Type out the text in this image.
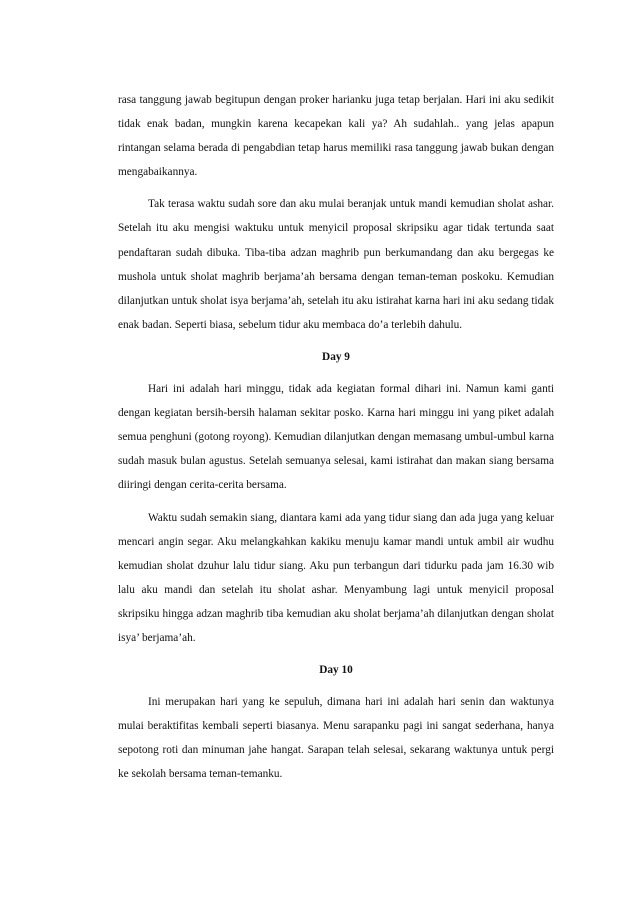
rasa tanggung jawab begitupun dengan proker harianku juga tetap berjalan. Hari ini aku sedikit tidak enak badan, mungkin karena kecapekan kali ya? Ah sudahlah.. yang jelas apapun rintangan selama berada di pengabdian tetap harus memiliki rasa tanggung jawab bukan dengan mengabaikannya.

Tak terasa waktu sudah sore dan aku mulai beranjak untuk mandi kemudian sholat ashar. Setelah itu aku mengisi waktuku untuk menyicil proposal skripsiku agar tidak tertunda saat pendaftaran sudah dibuka. Tiba-tiba adzan maghrib pun berkumandang dan aku bergegas ke mushola untuk sholat maghrib berjama’ah bersama dengan teman-teman poskoku. Kemudian dilanjutkan untuk sholat isya berjama’ah, setelah itu aku istirahat karna hari ini aku sedang tidak enak badan. Seperti biasa, sebelum tidur aku membaca do’a terlebih dahulu.

Day 9

Hari ini adalah hari minggu, tidak ada kegiatan formal dihari ini. Namun kami ganti dengan kegiatan bersih-bersih halaman sekitar posko. Karna hari minggu ini yang piket adalah semua penghuni (gotong royong). Kemudian dilanjutkan dengan memasang umbul-umbul karna sudah masuk bulan agustus. Setelah semuanya selesai, kami istirahat dan makan siang bersama diiringi dengan cerita-cerita bersama.

Waktu sudah semakin siang, diantara kami ada yang tidur siang dan ada juga yang keluar mencari angin segar. Aku melangkahkan kakiku menuju kamar mandi untuk ambil air wudhu kemudian sholat dzuhur lalu tidur siang. Aku pun terbangun dari tidurku pada jam 16.30 wib lalu aku mandi dan setelah itu sholat ashar. Menyambung lagi untuk menyicil proposal skripsiku hingga adzan maghrib tiba kemudian aku sholat berjama’ah dilanjutkan dengan sholat isya’ berjama’ah.

Day 10

Ini merupakan hari yang ke sepuluh, dimana hari ini adalah hari senin dan waktunya mulai beraktifitas kembali seperti biasanya. Menu sarapanku pagi ini sangat sederhana, hanya sepotong roti dan minuman jahe hangat. Sarapan telah selesai, sekarang waktunya untuk pergi ke sekolah bersama teman-temanku.
